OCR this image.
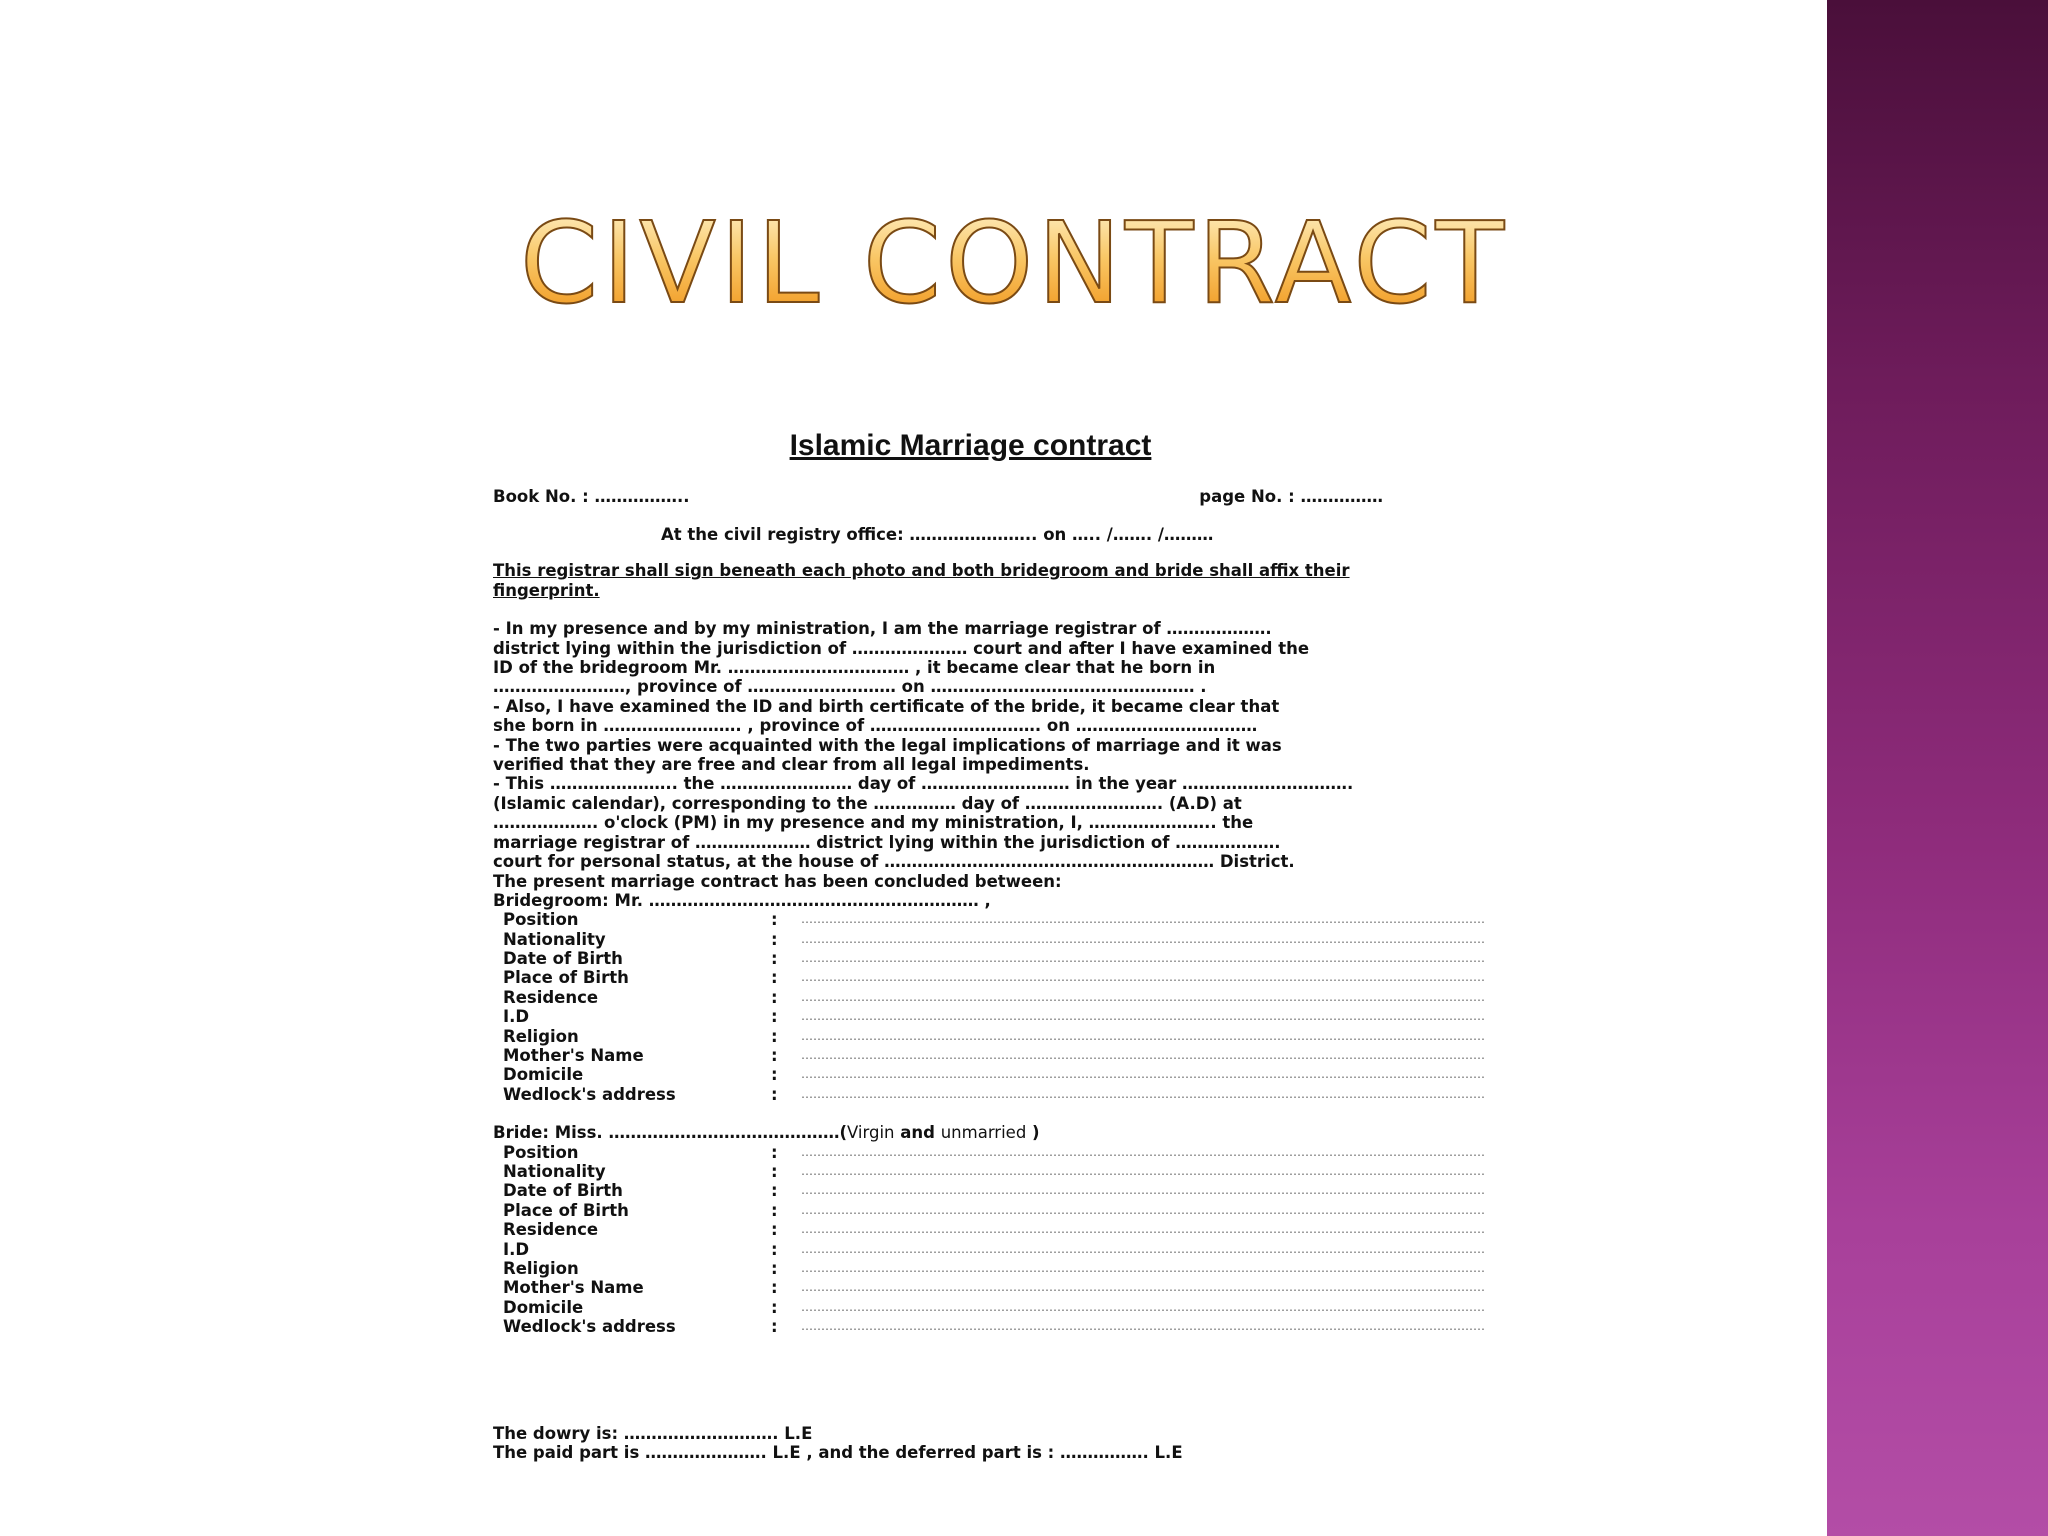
CIVIL CONTRACT
Islamic Marriage contract
Book No. : ……………..	page No. : ……………
At the civil registry office: ………………….. on ….. /……. /………
This registrar shall sign beneath each photo and both bridegroom and bride shall affix their fingerprint.

- In my presence and by my ministration, I am the marriage registrar of ……………….

district lying within the jurisdiction of ………………… court and after I have examined the

ID of the bridegroom Mr. …………………………… , it became clear that he born in

……………………, province of ……………………… on ………………………………………… .

- Also, I have examined the ID and birth certificate of the bride, it became clear that

she born in ……………………. , province of …………………………. on ……………………………

- The two parties were acquainted with the legal implications of marriage and it was

verified that they are free and clear from all legal impediments.

- This ………………….. the …………………… day of ……………………… in the year ………………………….

(Islamic calendar), corresponding to the …………… day of ……………………. (A.D) at

………………. o'clock (PM) in my presence and my ministration, I, ………………….. the

marriage registrar of ………………… district lying within the jurisdiction of ……………….

court for personal status, at the house of …………………………………………………… District.

The present marriage contract has been concluded between:

Bridegroom: Mr. …………………………………………………… ,

Position	:	………………………………………………………………………………………………………………………………………………………
Nationality	:	………………………………………………………………………………………………………………………………………………………
Date of Birth	:	………………………………………………………………………………………………………………………………………………………
Place of Birth	:	………………………………………………………………………………………………………………………………………………………
Residence	:	………………………………………………………………………………………………………………………………………………………
I.D	:	………………………………………………………………………………………………………………………………………………………
Religion	:	………………………………………………………………………………………………………………………………………………………
Mother's Name	:	………………………………………………………………………………………………………………………………………………………
Domicile	:	………………………………………………………………………………………………………………………………………………………
Wedlock's address	:	………………………………………………………………………………………………………………………………………………………
Bride: Miss. ……………………………………(Virgin and unmarried )
Position	:	………………………………………………………………………………………………………………………………………………………
Nationality	:	………………………………………………………………………………………………………………………………………………………
Date of Birth	:	………………………………………………………………………………………………………………………………………………………
Place of Birth	:	………………………………………………………………………………………………………………………………………………………
Residence	:	………………………………………………………………………………………………………………………………………………………
I.D	:	………………………………………………………………………………………………………………………………………………………
Religion	:	………………………………………………………………………………………………………………………………………………………
Mother's Name	:	………………………………………………………………………………………………………………………………………………………
Domicile	:	………………………………………………………………………………………………………………………………………………………
Wedlock's address	:	………………………………………………………………………………………………………………………………………………………
The dowry is: ………………………. L.E
The paid part is …………………. L.E , and the deferred part is : ……………. L.E
